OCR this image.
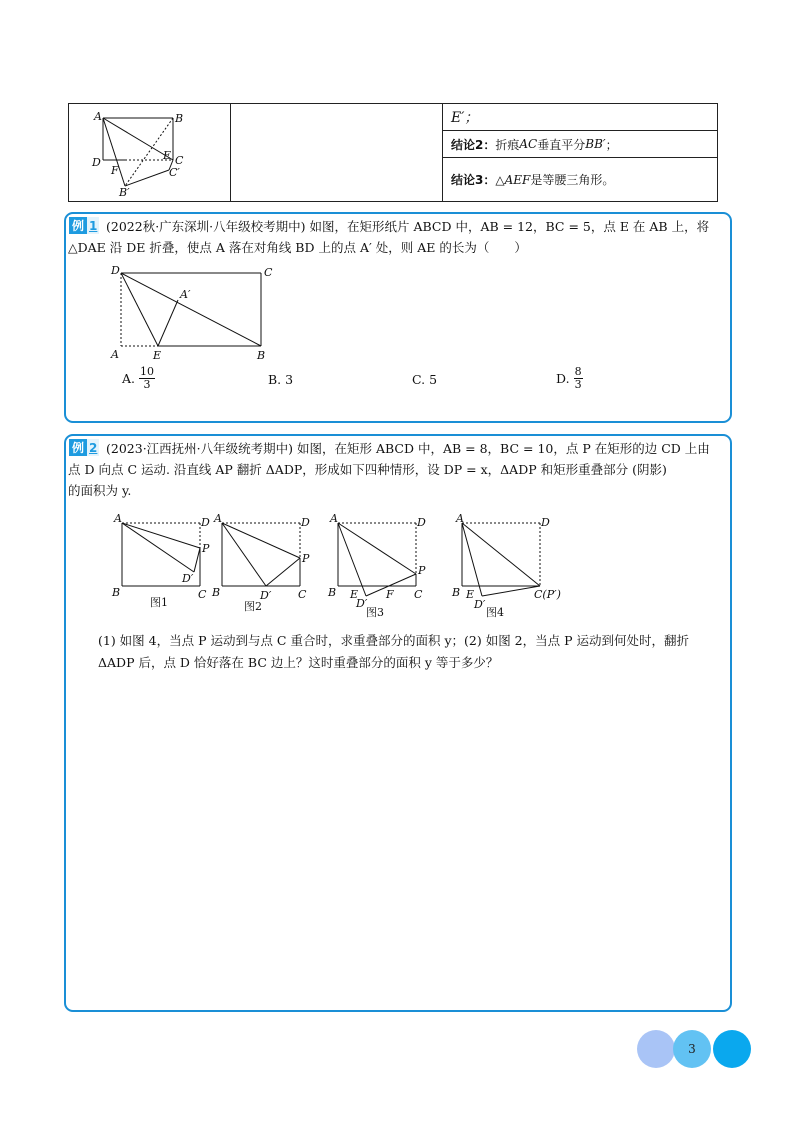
A	B
C
D
E
F
B′
C′
E′；
结论2： 折痕 AC 垂直平分 BB′ ；
结论3： △ AEF 是等腰三角形。
例 1 (2022秋·广东深圳·八年级校考期中) 如图，在矩形纸片 ABCD 中，AB = 12，BC = 5，点 E 在 AB 上，将
△DAE 沿 DE 折叠，使点 A 落在对角线 BD 上的点 A′ 处，则 AE 的长为（　　）
D	C
A	E	B
A′
A. $\frac{10}{3}$	B. 3	C. 5	D. $\frac{8}{3}$
例 2 (2023·江西抚州·八年级统考期中) 如图，在矩形 ABCD 中，AB = 8，BC = 10，点 P 在矩形的边 CD 上由
点 D 向点 C 运动. 沿直线 AP 翻折 ΔADP，形成如下四种情形，设 DP = x，ΔADP 和矩形重叠部分 (阴影)
的面积为 y.
A	D
P
D′
B	C
图1
A	D
P
D′
B	C
图2
A	D
P
B E	F C
D′
图3
A	D
B E	C(P′)
D′
图4
(1) 如图 4，当点 P 运动到与点 C 重合时，求重叠部分的面积 y；(2) 如图 2，当点 P 运动到何处时，翻折
ΔADP 后，点 D 恰好落在 BC 边上？这时重叠部分的面积 y 等于多少？
3
